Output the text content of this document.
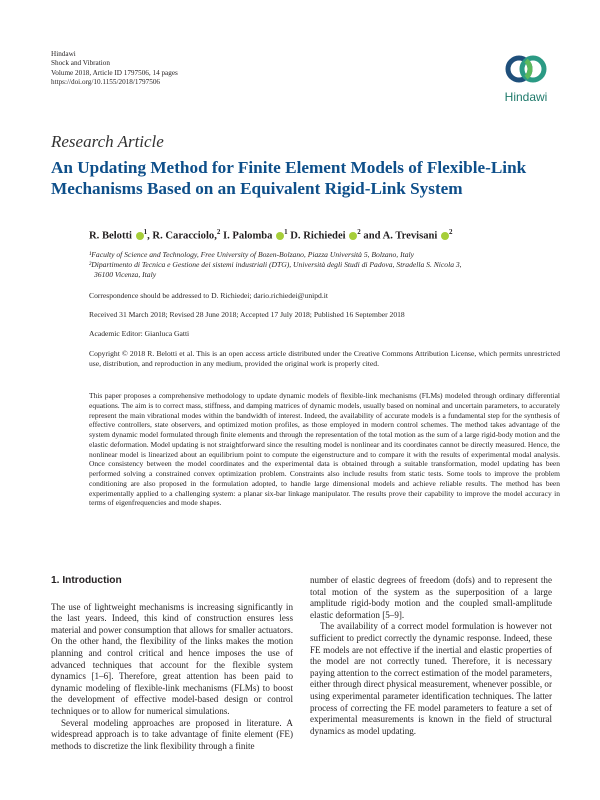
Hindawi
Shock and Vibration
Volume 2018, Article ID 1797506, 14 pages
https://doi.org/10.1155/2018/1797506
Hindawi
Research Article
An Updating Method for Finite Element Models of Flexible-Link Mechanisms Based on an Equivalent Rigid-Link System
R. Belotti $^1$, R. Caracciolo,$^2$ I. Palomba $^1$ D. Richiedei $^2$ and A. Trevisani $^2$
¹Faculty of Science and Technology, Free University of Bozen-Bolzano, Piazza Università 5, Bolzano, Italy
²Dipartimento di Tecnica e Gestione dei sistemi industriali (DTG), Università degli Studi di Padova, Stradella S. Nicola 3,
36100 Vicenza, Italy
Correspondence should be addressed to D. Richiedei; dario.richiedei@unipd.it
Received 31 March 2018; Revised 28 June 2018; Accepted 17 July 2018; Published 16 September 2018
Academic Editor: Gianluca Gatti
Copyright © 2018 R. Belotti et al. This is an open access article distributed under the Creative Commons Attribution License, which permits unrestricted use, distribution, and reproduction in any medium, provided the original work is properly cited.
This paper proposes a comprehensive methodology to update dynamic models of flexible-link mechanisms (FLMs) modeled through ordinary differential equations. The aim is to correct mass, stiffness, and damping matrices of dynamic models, usually based on nominal and uncertain parameters, to accurately represent the main vibrational modes within the bandwidth of interest. Indeed, the availability of accurate models is a fundamental step for the synthesis of effective controllers, state observers, and optimized motion profiles, as those employed in modern control schemes. The method takes advantage of the system dynamic model formulated through finite elements and through the representation of the total motion as the sum of a large rigid-body motion and the elastic deformation. Model updating is not straightforward since the resulting model is nonlinear and its coordinates cannot be directly measured. Hence, the nonlinear model is linearized about an equilibrium point to compute the eigenstructure and to compare it with the results of experimental modal analysis. Once consistency between the model coordinates and the experimental data is obtained through a suitable transformation, model updating has been performed solving a constrained convex optimization problem. Constraints also include results from static tests. Some tools to improve the problem conditioning are also proposed in the formulation adopted, to handle large dimensional models and achieve reliable results. The method has been experimentally applied to a challenging system: a planar six-bar linkage manipulator. The results prove their capability to improve the model accuracy in terms of eigenfrequencies and mode shapes.
1. Introduction

The use of lightweight mechanisms is increasing significantly in the last years. Indeed, this kind of construction ensures less material and power consumption that allows for smaller actuators. On the other hand, the flexibility of the links makes the motion planning and control critical and hence imposes the use of advanced techniques that account for the flexible system dynamics [1–6]. Therefore, great attention has been paid to dynamic modeling of flexible-link mechanisms (FLMs) to boost the development of effective model-based design or control techniques or to allow for numerical simulations.

Several modeling approaches are proposed in literature. A widespread approach is to take advantage of finite element (FE) methods to discretize the link flexibility through a finite

number of elastic degrees of freedom (dofs) and to represent the total motion of the system as the superposition of a large amplitude rigid-body motion and the coupled small-amplitude elastic deformation [5–9].

The availability of a correct model formulation is however not sufficient to predict correctly the dynamic response. Indeed, these FE models are not effective if the inertial and elastic properties of the model are not correctly tuned. Therefore, it is necessary paying attention to the correct estimation of the model parameters, either through direct physical measurement, whenever possible, or using experimental parameter identification techniques. The latter process of correcting the FE model parameters to feature a set of experimental measurements is known in the field of structural dynamics as model updating.
